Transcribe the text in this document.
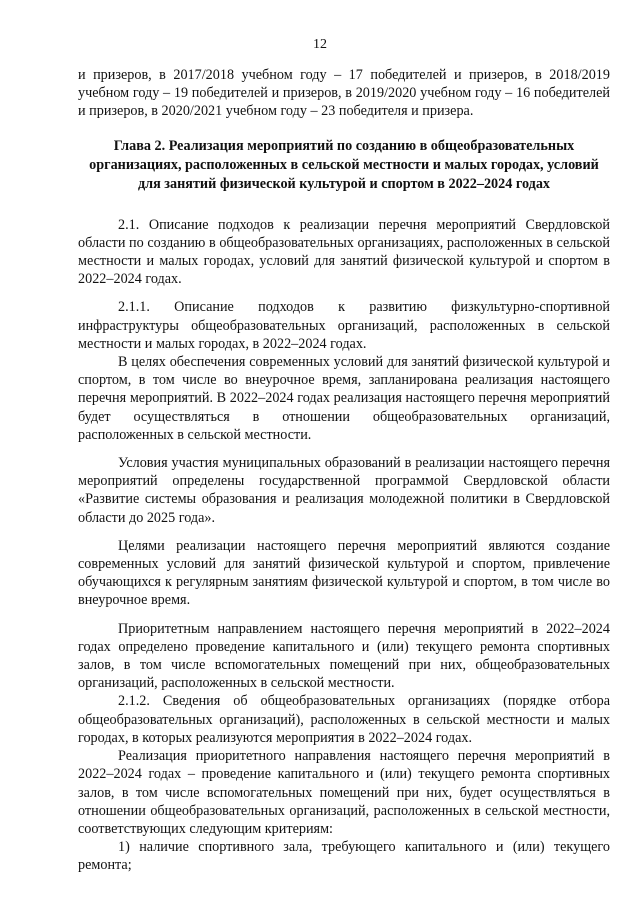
12

и призеров, в 2017/2018 учебном году – 17 победителей и призеров, в 2018/2019 учебном году – 19 победителей и призеров, в 2019/2020 учебном году – 16 победителей и призеров, в 2020/2021 учебном году – 23 победителя и призера.

Глава 2. Реализация мероприятий по созданию в общеобразовательных организациях, расположенных в сельской местности и малых городах, условий для занятий физической культурой и спортом в 2022–2024 годах

2.1. Описание подходов к реализации перечня мероприятий Свердловской области по созданию в общеобразовательных организациях, расположенных в сельской местности и малых городах, условий для занятий физической культурой и спортом в 2022–2024 годах.

2.1.1. Описание подходов к развитию физкультурно-спортивной инфраструктуры общеобразовательных организаций, расположенных в сельской местности и малых городах, в 2022–2024 годах.

В целях обеспечения современных условий для занятий физической культурой и спортом, в том числе во внеурочное время, запланирована реализация настоящего перечня мероприятий. В 2022–2024 годах реализация настоящего перечня мероприятий будет осуществляться в отношении общеобразовательных организаций, расположенных в сельской местности.

Условия участия муниципальных образований в реализации настоящего перечня мероприятий определены государственной программой Свердловской области «Развитие системы образования и реализация молодежной политики в Свердловской области до 2025 года».

Целями реализации настоящего перечня мероприятий являются создание современных условий для занятий физической культурой и спортом, привлечение обучающихся к регулярным занятиям физической культурой и спортом, в том числе во внеурочное время.

Приоритетным направлением настоящего перечня мероприятий в 2022–2024 годах определено проведение капитального и (или) текущего ремонта спортивных залов, в том числе вспомогательных помещений при них, общеобразовательных организаций, расположенных в сельской местности.

2.1.2. Сведения об общеобразовательных организациях (порядке отбора общеобразовательных организаций), расположенных в сельской местности и малых городах, в которых реализуются мероприятия в 2022–2024 годах.

Реализация приоритетного направления настоящего перечня мероприятий в 2022–2024 годах – проведение капитального и (или) текущего ремонта спортивных залов, в том числе вспомогательных помещений при них, будет осуществляться в отношении общеобразовательных организаций, расположенных в сельской местности, соответствующих следующим критериям:

1) наличие спортивного зала, требующего капитального и (или) текущего ремонта;
